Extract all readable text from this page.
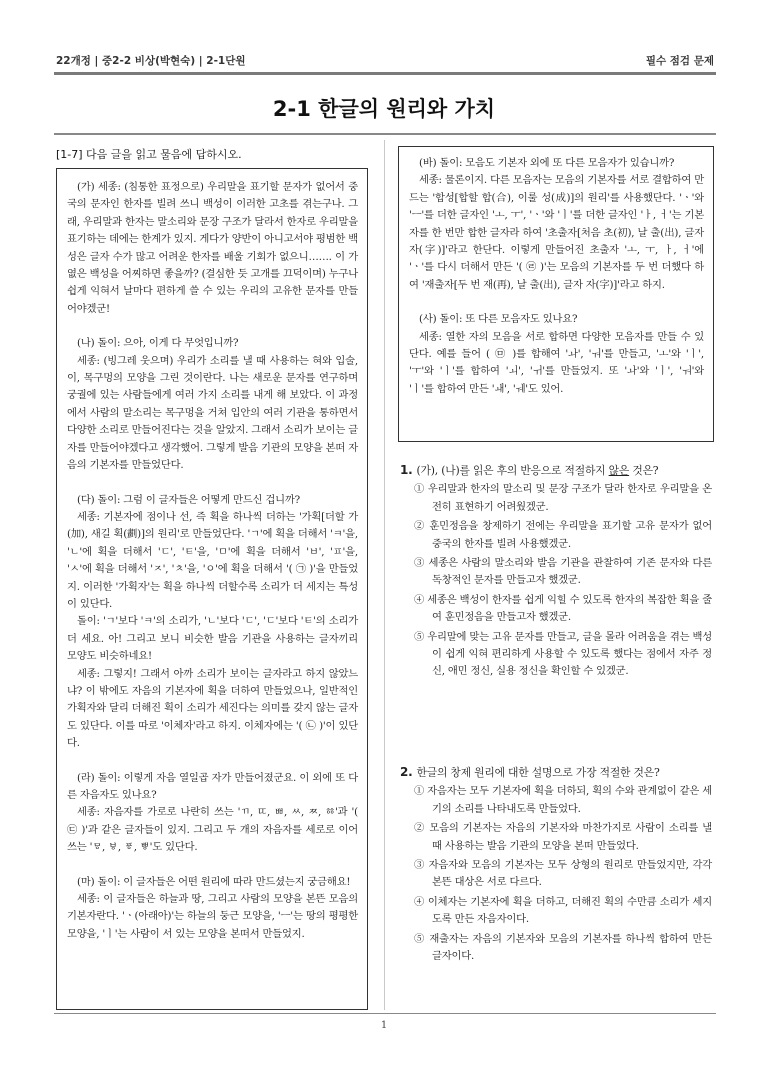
22개정 | 중2-2 비상(박현숙) | 2-1단원	필수 점검 문제
2-1 한글의 원리와 가치
[1-7] 다음 글을 읽고 물음에 답하시오.

(가) 세종: (침통한 표정으로) 우리말을 표기할 문자가 없어서 중국의 문자인 한자를 빌려 쓰니 백성이 이러한 고초를 겪는구나. 그래, 우리말과 한자는 말소리와 문장 구조가 달라서 한자로 우리말을 표기하는 데에는 한계가 있지. 게다가 양반이 아니고서야 평범한 백성은 글자 수가 많고 어려운 한자를 배울 기회가 없으니……. 이 가엾은 백성을 어찌하면 좋을까? (결심한 듯 고개를 끄덕이며) 누구나 쉽게 익혀서 날마다 편하게 쓸 수 있는 우리의 고유한 문자를 만들어야겠군!

(나) 돌이: 으아, 이게 다 무엇입니까?

세종: (빙그레 웃으며) 우리가 소리를 낼 때 사용하는 혀와 입술, 이, 목구멍의 모양을 그린 것이란다. 나는 새로운 문자를 연구하며 궁궐에 있는 사람들에게 여러 가지 소리를 내게 해 보았다. 이 과정에서 사람의 말소리는 목구멍을 거쳐 입안의 여러 기관을 통하면서 다양한 소리로 만들어진다는 것을 알았지. 그래서 소리가 보이는 글자를 만들어야겠다고 생각했어. 그렇게 발음 기관의 모양을 본떠 자음의 기본자를 만들었단다.

(다) 돌이: 그럼 이 글자들은 어떻게 만드신 겁니까?

세종: 기본자에 점이나 선, 즉 획을 하나씩 더하는 '가획[더할 가(加), 새길 획(劃)]의 원리'로 만들었단다. 'ㄱ'에 획을 더해서 'ㅋ'을, 'ㄴ'에 획을 더해서 'ㄷ', 'ㅌ'을, 'ㅁ'에 획을 더해서 'ㅂ', 'ㅍ'을, 'ㅅ'에 획을 더해서 'ㅈ', 'ㅊ'을, 'ㅇ'에 획을 더해서 '( ㉠ )'을 만들었지. 이러한 '가획자'는 획을 하나씩 더할수록 소리가 더 세지는 특성이 있단다.

돌이: 'ㄱ'보다 'ㅋ'의 소리가, 'ㄴ'보다 'ㄷ', 'ㄷ'보다 'ㅌ'의 소리가 더 세요. 아! 그리고 보니 비슷한 발음 기관을 사용하는 글자끼리 모양도 비슷하네요!

세종: 그렇지! 그래서 아까 소리가 보이는 글자라고 하지 않았느냐? 이 밖에도 자음의 기본자에 획을 더하여 만들었으나, 일반적인 가획자와 달리 더해진 획이 소리가 세진다는 의미를 갖지 않는 글자도 있단다. 이를 따로 '이체자'라고 하지. 이체자에는 '( ㉡ )'이 있단다.

(라) 돌이: 이렇게 자음 열일곱 자가 만들어졌군요. 이 외에 또 다른 자음자도 있나요?

세종: 자음자를 가로로 나란히 쓰는 'ㄲ, ㄸ, ㅃ, ㅆ, ㅉ, ㆅ'과 '( ㉢ )'과 같은 글자들이 있지. 그리고 두 개의 자음자를 세로로 이어 쓰는 'ㅱ, ㅸ, ㆄ, ㅹ'도 있단다.

(마) 돌이: 이 글자들은 어떤 원리에 따라 만드셨는지 궁금해요!

세종: 이 글자들은 하늘과 땅, 그리고 사람의 모양을 본뜬 모음의 기본자란다. 'ㆍ(아래아)'는 하늘의 둥근 모양을, 'ㅡ'는 땅의 평평한 모양을, 'ㅣ'는 사람이 서 있는 모양을 본떠서 만들었지.

(바) 돌이: 모음도 기본자 외에 또 다른 모음자가 있습니까?

세종: 물론이지. 다른 모음자는 모음의 기본자를 서로 결합하여 만드는 '합성[합할 합(合), 이룰 성(成)]의 원리'를 사용했단다. 'ㆍ'와 'ㅡ'를 더한 글자인 'ㅗ, ㅜ', 'ㆍ'와 'ㅣ'를 더한 글자인 'ㅏ, ㅓ'는 기본자를 한 번만 합한 글자라 하여 '초출자[처음 초(初), 날 출(出), 글자 자(字)]'라고 한단다. 이렇게 만들어진 초출자 'ㅗ, ㅜ, ㅏ, ㅓ'에 'ㆍ'를 다시 더해서 만든 '( ㉣ )'는 모음의 기본자를 두 번 더했다 하여 '재출자[두 번 재(再), 날 출(出), 글자 자(字)]'라고 하지.

(사) 돌이: 또 다른 모음자도 있나요?

세종: 열한 자의 모음을 서로 합하면 다양한 모음자를 만들 수 있단다. 예를 들어 ( ㉤ )를 합해여 'ㅘ', 'ㅝ'를 만들고, 'ㅗ'와 'ㅣ', 'ㅜ'와 'ㅣ'를 합하여 'ㅚ', 'ㅟ'를 만들었지. 또 'ㅘ'와 'ㅣ', 'ㅝ'와 'ㅣ'를 합하여 만든 'ㅙ', 'ㅞ'도 있어.

1. (가), (나)를 읽은 후의 반응으로 적절하지 않은 것은?

① 우리말과 한자의 말소리 및 문장 구조가 달라 한자로 우리말을 온전히 표현하기 어려웠겠군.

② 훈민정음을 창제하기 전에는 우리말을 표기할 고유 문자가 없어 중국의 한자를 빌려 사용했겠군.

③ 세종은 사람의 말소리와 발음 기관을 관찰하여 기존 문자와 다른 독창적인 문자를 만들고자 했겠군.

④ 세종은 백성이 한자를 쉽게 익힐 수 있도록 한자의 복잡한 획을 줄여 훈민정음을 만들고자 했겠군.

⑤ 우리말에 맞는 고유 문자를 만들고, 글을 몰라 어려움을 겪는 백성이 쉽게 익혀 편리하게 사용할 수 있도록 했다는 점에서 자주 정신, 애민 정신, 실용 정신을 확인할 수 있겠군.

2. 한글의 창제 원리에 대한 설명으로 가장 적절한 것은?

① 자음자는 모두 기본자에 획을 더하되, 획의 수와 관계없이 같은 세기의 소리를 나타내도록 만들었다.

② 모음의 기본자는 자음의 기본자와 마찬가지로 사람이 소리를 낼 때 사용하는 발음 기관의 모양을 본떠 만들었다.

③ 자음자와 모음의 기본자는 모두 상형의 원리로 만들었지만, 각각 본뜬 대상은 서로 다르다.

④ 이체자는 기본자에 획을 더하고, 더해진 획의 수만큼 소리가 세지도록 만든 자음자이다.

⑤ 재출자는 자음의 기본자와 모음의 기본자를 하나씩 합하여 만든 글자이다.

1
